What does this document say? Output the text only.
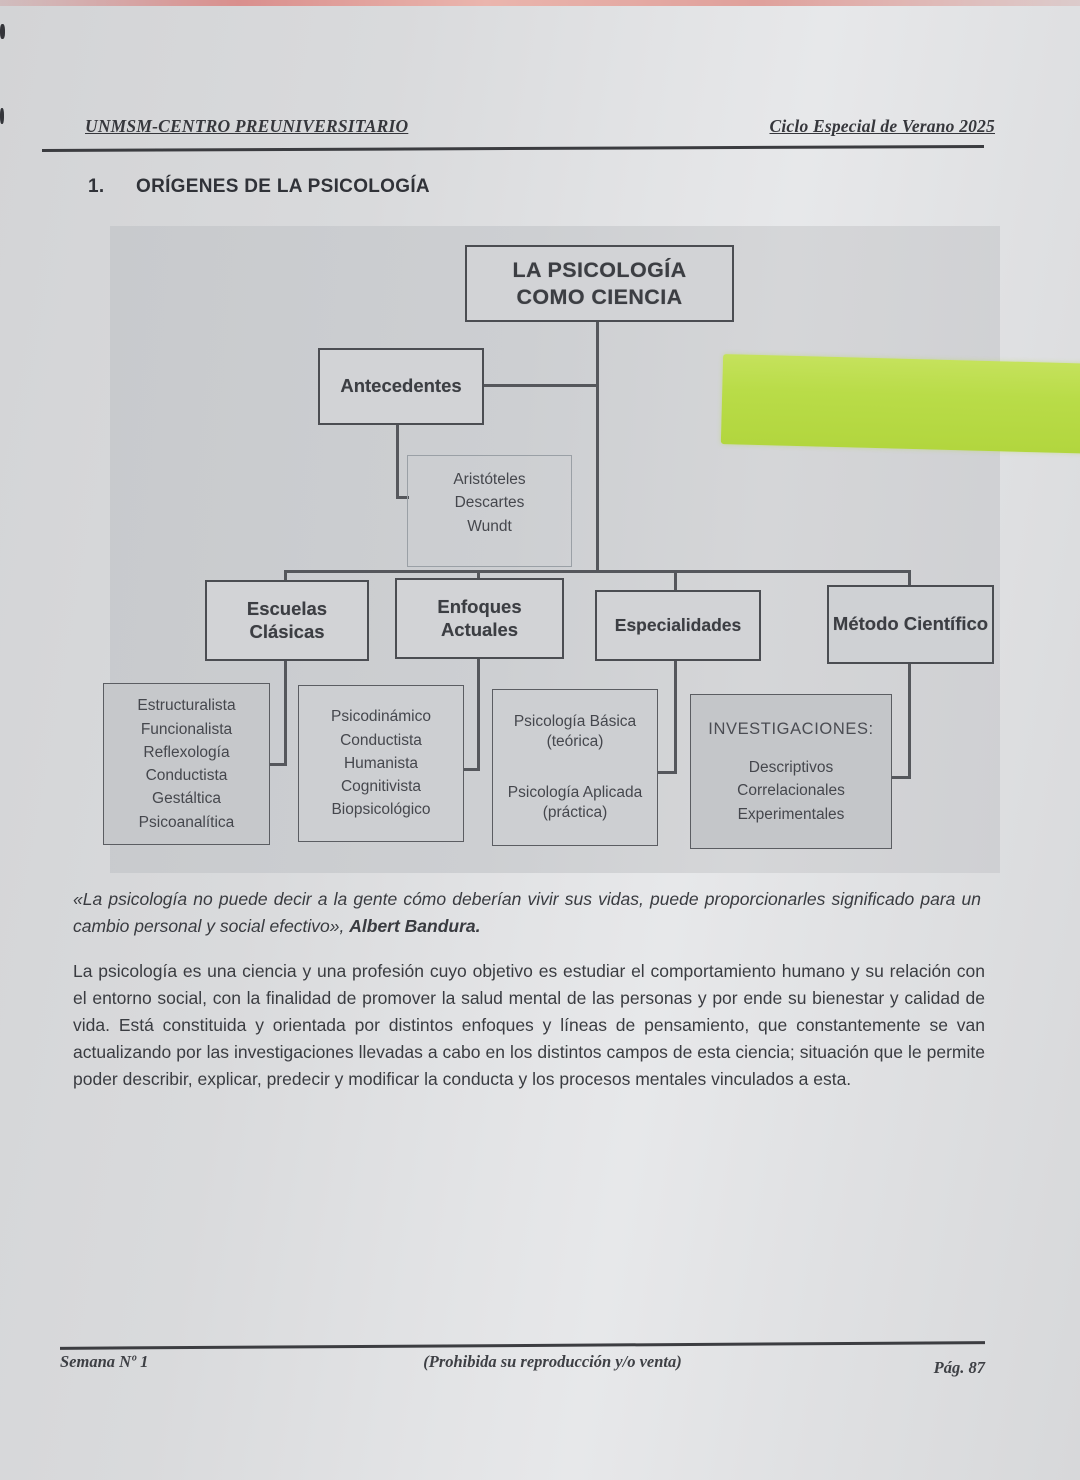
UNMSM-CENTRO PREUNIVERSITARIO	Ciclo Especial de Verano 2025
1. ORÍGENES DE LA PSICOLOGÍA
LA PSICOLOGÍA
COMO CIENCIA
Antecedentes
Aristóteles
Descartes
Wundt
Escuelas Clásicas
Enfoques Actuales	Especialidades	Método Científico
Estructuralista
Funcionalista
Reflexología
Conductista
Gestáltica
Psicoanalítica
Psicodinámico
Conductista
Humanista
Cognitivista
Biopsicológico
Psicología Básica (teórica)
Psicología Aplicada (práctica)
INVESTIGACIONES:
Descriptivos
Correlacionales
Experimentales
«La psicología no puede decir a la gente cómo deberían vivir sus vidas, puede proporcionarles significado para un cambio personal y social efectivo», Albert Bandura.
La psicología es una ciencia y una profesión cuyo objetivo es estudiar el comportamiento humano y su relación con el entorno social, con la finalidad de promover la salud mental de las personas y por ende su bienestar y calidad de vida. Está constituida y orientada por distintos enfoques y líneas de pensamiento, que constantemente se van actualizando por las investigaciones llevadas a cabo en los distintos campos de esta ciencia; situación que le permite poder describir, explicar, predecir y modificar la conducta y los procesos mentales vinculados a esta.
Semana Nº 1	(Prohibida su reproducción y/o venta)	Pág. 87
